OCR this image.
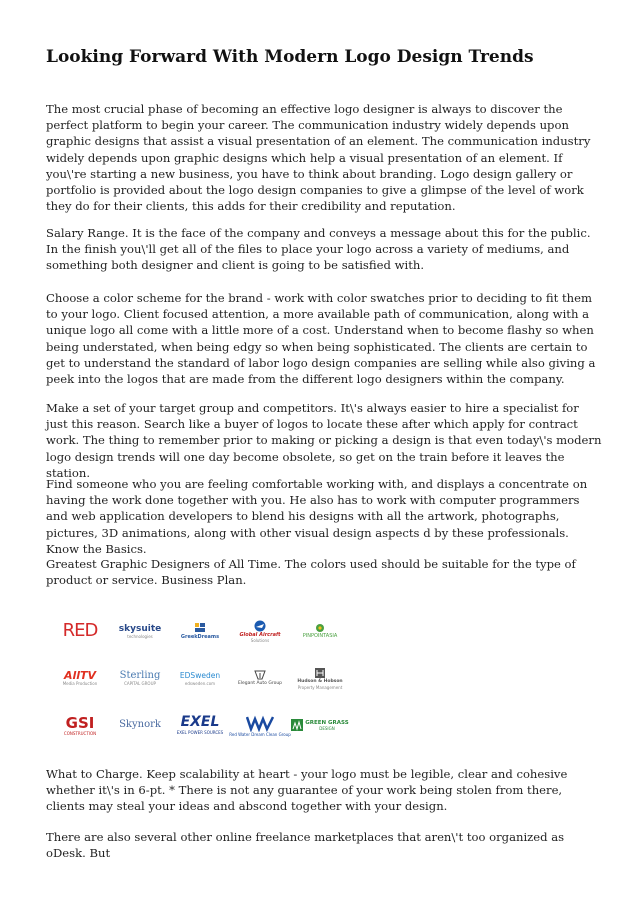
Looking Forward With Modern Logo Design Trends

The most crucial phase of becoming an effective logo designer is always to discover the perfect platform to begin your career. The communication industry widely depends upon graphic designs that assist a visual presentation of an element. The communication industry widely depends upon graphic designs which help a visual presentation of an element. If you\'re starting a new business, you have to think about branding. Logo design gallery or portfolio is provided about the logo design companies to give a glimpse of the level of work they do for their clients, this adds for their credibility and reputation.

Salary Range. It is the face of the company and conveys a message about this for the public. In the finish you\'ll get all of the files to place your logo across a variety of mediums, and something both designer and client is going to be satisfied with.

Choose a color scheme for the brand - work with color swatches prior to deciding to fit them to your logo. Client focused attention, a more available path of communication, along with a unique logo all come with a little more of a cost. Understand when to become flashy so when being understated, when being edgy so when being sophisticated. The clients are certain to get to understand the standard of labor logo design companies are selling while also giving a peek into the logos that are made from the different logo designers within the company.

Make a set of your target group and competitors. It\'s always easier to hire a specialist for just this reason. Search like a buyer of logos to locate these after which apply for contract work. The thing to remember prior to making or picking a design is that even today\'s modern logo design trends will one day become obsolete, so get on the train before it leaves the station.

Find someone who you are feeling comfortable working with, and displays a concentrate on having the work done together with you. He also has to work with computer programmers and web application developers to blend his designs with all the artwork, photographs, pictures, 3D animations, along with other visual design aspects d by these professionals. Know the Basics.

Greatest Graphic Designers of All Time. The colors used should be suitable for the type of product or service. Business Plan.

RED skysuite
technologies	GreekDreams	Global Aircraft
Solutions
PINPOINTASIA
AllTV
Media Production
Sterling
CAPITAL GROUP
EDSweden
edsweden.com	Elegant Auto Group	Hudson & Hobson
Property Management
GSI
CONSTRUCTION
Skynork EXEL
EXEL POWER SOURCES Red Water Dream Clean Group
GREEN GRASS
DESIGN

What to Charge. Keep scalability at heart - your logo must be legible, clear and cohesive whether it\'s in 6-pt. * There is not any guarantee of your work being stolen from there, clients may steal your ideas and abscond together with your design.

There are also several other online freelance marketplaces that aren\'t too organized as oDesk. But
